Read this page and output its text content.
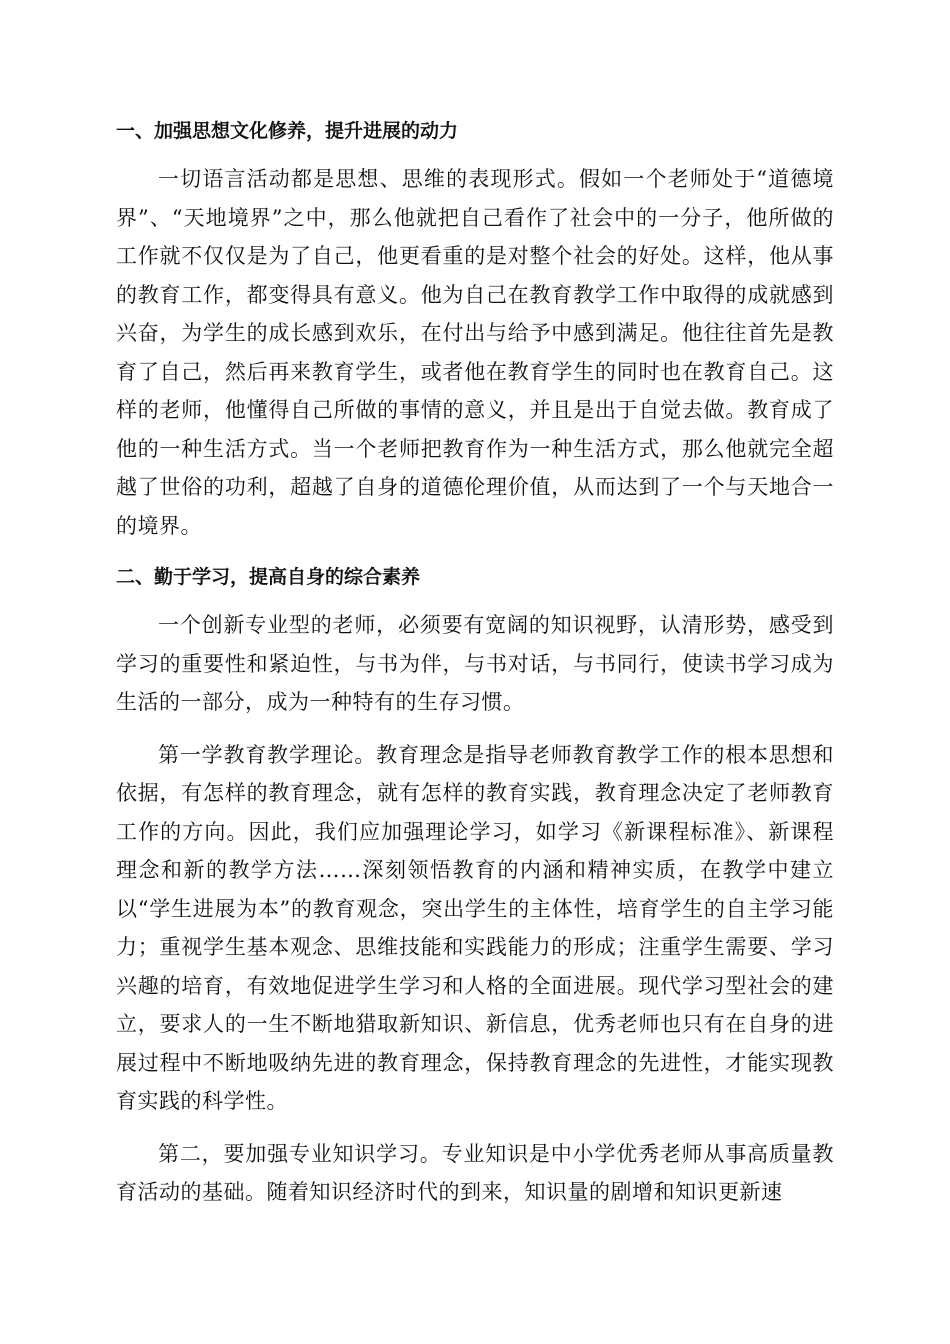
一、加强思想文化修养，提升进展的动力

一切语言活动都是思想、思维的表现形式。假如一个老师处于“道德境界”、“天地境界”之中，那么他就把自己看作了社会中的一分子，他所做的工作就不仅仅是为了自己，他更看重的是对整个社会的好处。这样，他从事的教育工作，都变得具有意义。他为自己在教育教学工作中取得的成就感到兴奋，为学生的成长感到欢乐，在付出与给予中感到满足。他往往首先是教育了自己，然后再来教育学生，或者他在教育学生的同时也在教育自己。这样的老师，他懂得自己所做的事情的意义，并且是出于自觉去做。教育成了他的一种生活方式。当一个老师把教育作为一种生活方式，那么他就完全超越了世俗的功利，超越了自身的道德伦理价值，从而达到了一个与天地合一的境界。

二、勤于学习，提高自身的综合素养

一个创新专业型的老师，必须要有宽阔的知识视野，认清形势，感受到学习的重要性和紧迫性，与书为伴，与书对话，与书同行，使读书学习成为生活的一部分，成为一种特有的生存习惯。

第一学教育教学理论。教育理念是指导老师教育教学工作的根本思想和依据，有怎样的教育理念，就有怎样的教育实践，教育理念决定了老师教育工作的方向。因此，我们应加强理论学习，如学习《新课程标准》、新课程理念和新的教学方法……深刻领悟教育的内涵和精神实质，在教学中建立以“学生进展为本”的教育观念，突出学生的主体性，培育学生的自主学习能力；重视学生基本观念、思维技能和实践能力的形成；注重学生需要、学习兴趣的培育，有效地促进学生学习和人格的全面进展。现代学习型社会的建立，要求人的一生不断地猎取新知识、新信息，优秀老师也只有在自身的进展过程中不断地吸纳先进的教育理念，保持教育理念的先进性，才能实现教育实践的科学性。

第二，要加强专业知识学习。专业知识是中小学优秀老师从事高质量教育活动的基础。随着知识经济时代的到来，知识量的剧增和知识更新速
